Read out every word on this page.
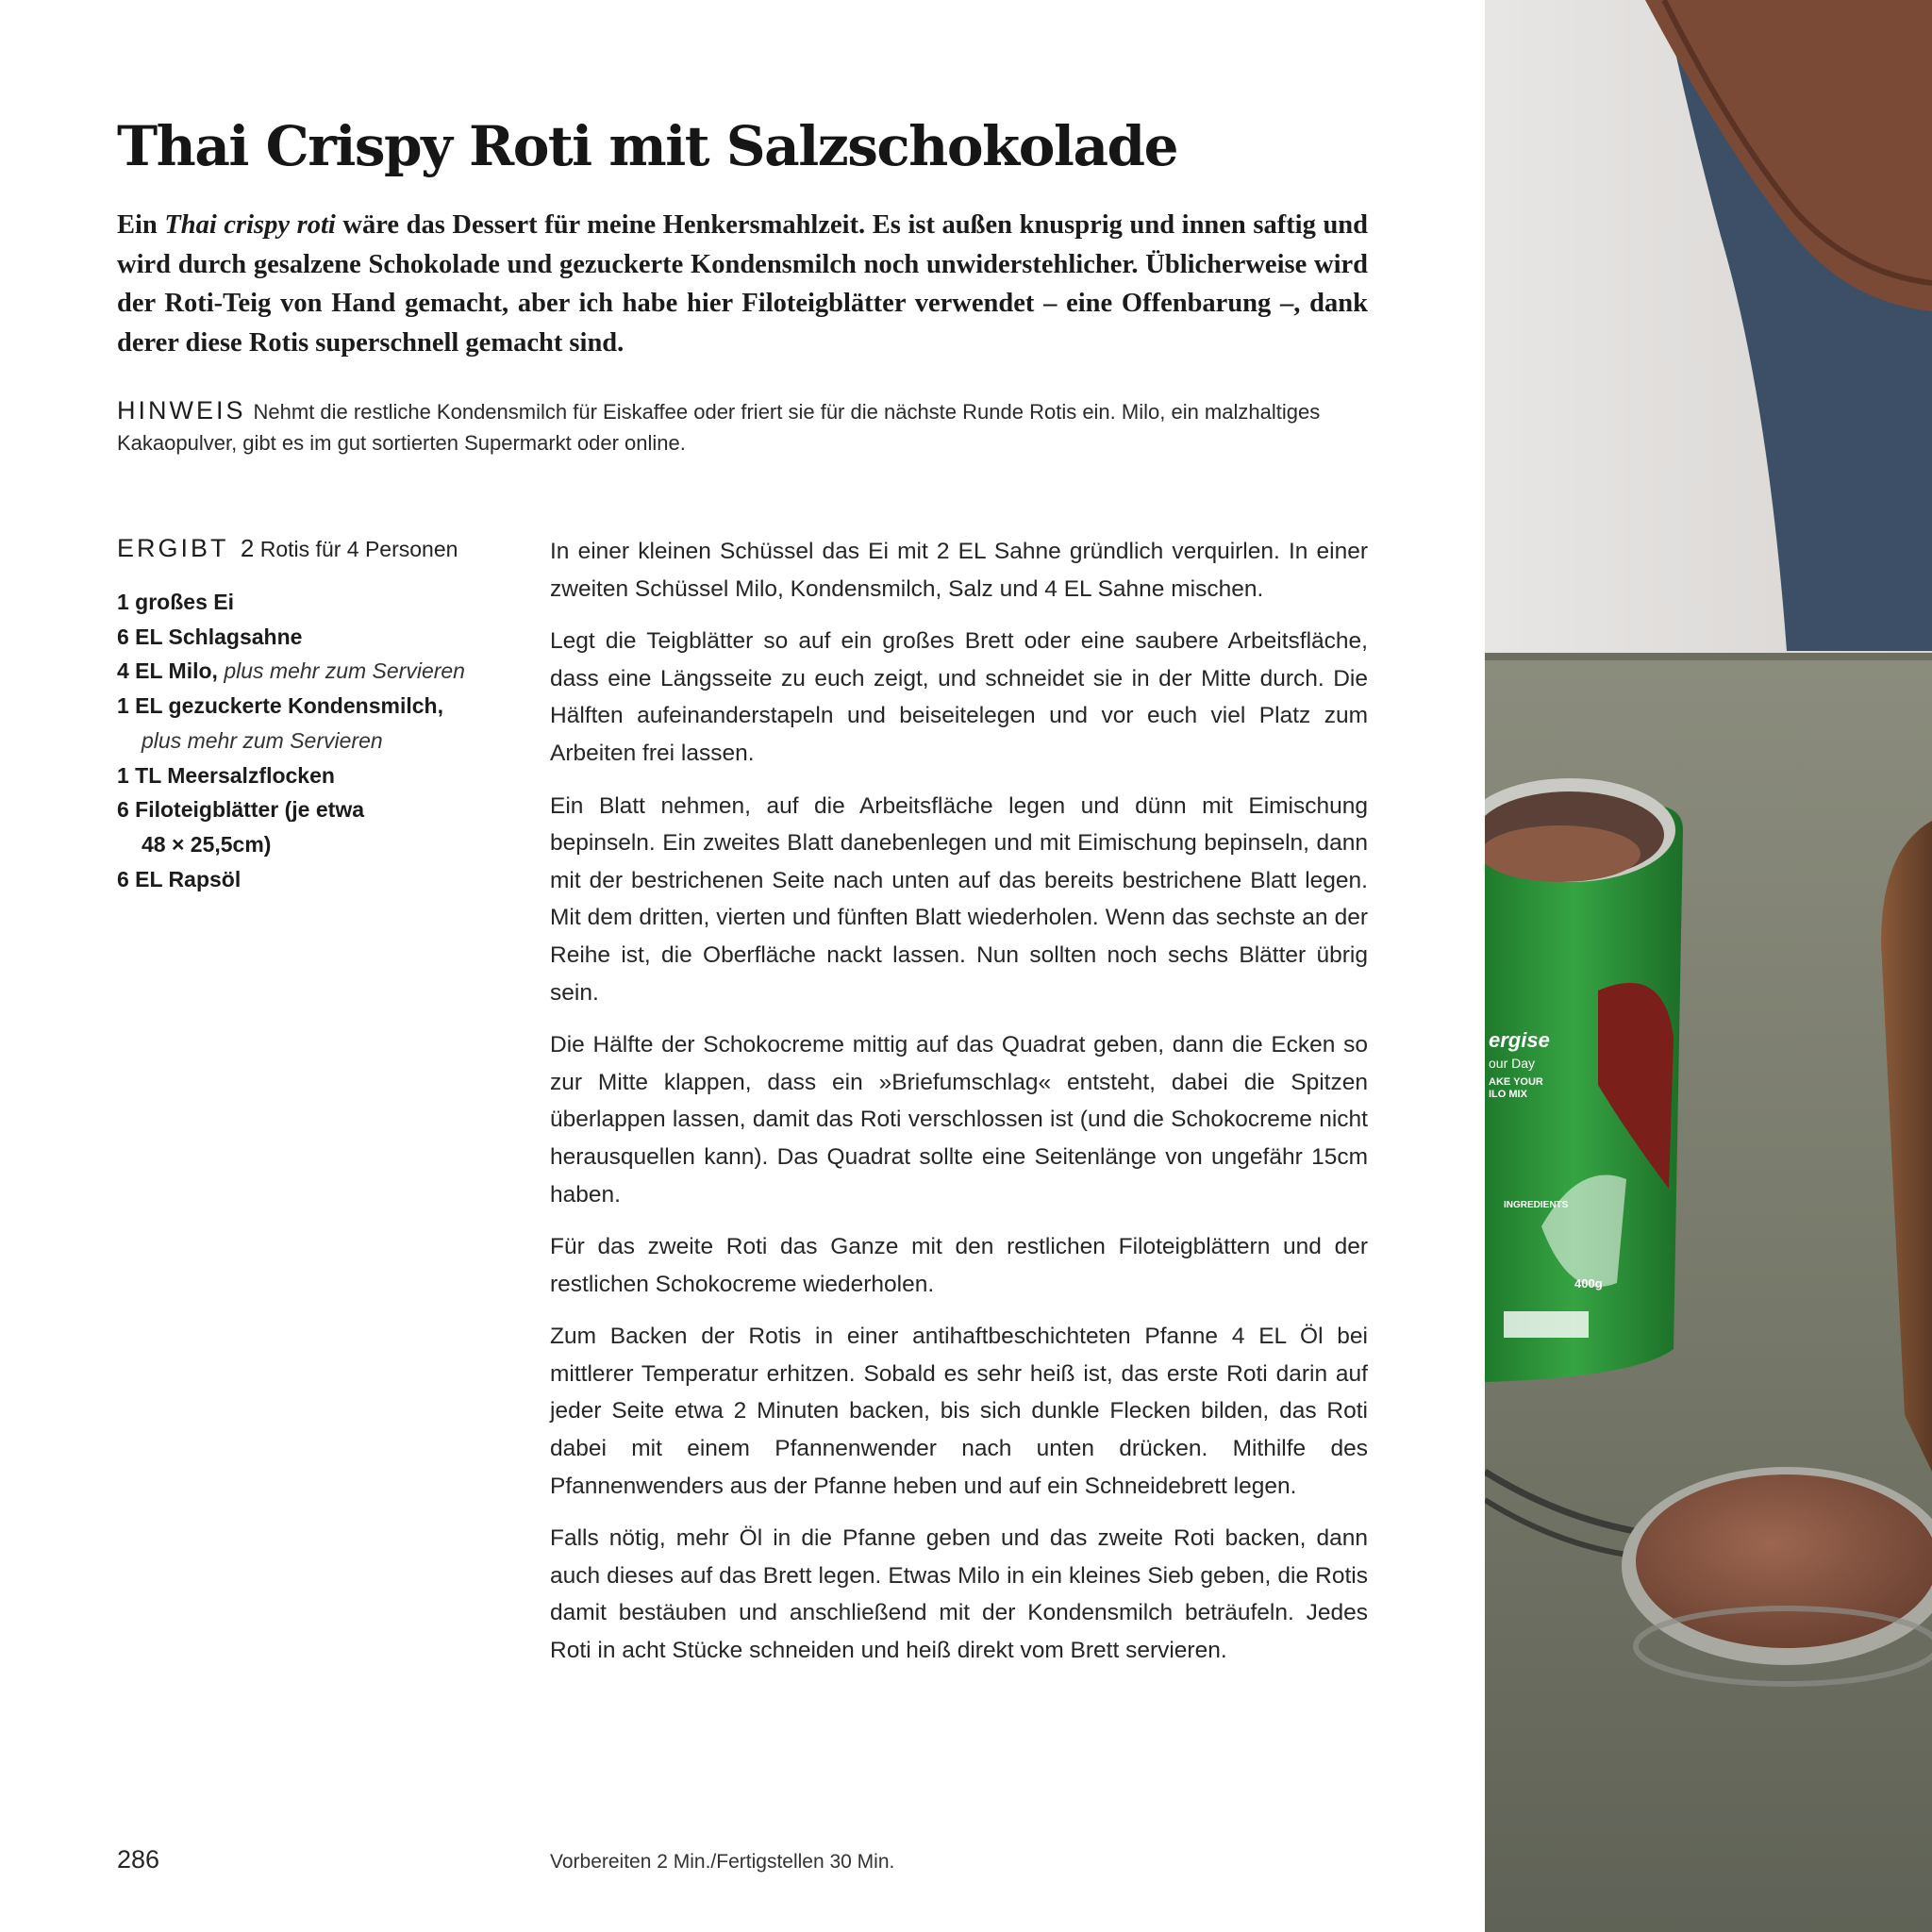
Thai Crispy Roti mit Salzschokolade

Ein Thai crispy roti wäre das Dessert für meine Henkersmahlzeit. Es ist außen knusprig und innen saftig und wird durch gesalzene Schokolade und gezuckerte Kondensmilch noch unwiderstehlicher. Üblicherweise wird der Roti-Teig von Hand gemacht, aber ich habe hier Filoteigblätter verwendet – eine Offenbarung –, dank derer diese Rotis superschnell gemacht sind.

HINWEIS Nehmt die restliche Kondensmilch für Eiskaffee oder friert sie für die nächste Runde Rotis ein. Milo, ein malzhaltiges Kakaopulver, gibt es im gut sortierten Supermarkt oder online.

ERGIBT 2 Rotis für 4 Personen
1 großes Ei
6 EL Schlagsahne
4 EL Milo, plus mehr zum Servieren
1 EL gezuckerte Kondensmilch,
plus mehr zum Servieren
1 TL Meersalzflocken
6 Filoteigblätter (je etwa
48 × 25,5cm)
6 EL Rapsöl

In einer kleinen Schüssel das Ei mit 2 EL Sahne gründlich verquirlen. In einer zweiten Schüssel Milo, Kondensmilch, Salz und 4 EL Sahne mischen.

Legt die Teigblätter so auf ein großes Brett oder eine saubere Arbeitsfläche, dass eine Längsseite zu euch zeigt, und schneidet sie in der Mitte durch. Die Hälften aufeinanderstapeln und beiseitelegen und vor euch viel Platz zum Arbeiten frei lassen.

Ein Blatt nehmen, auf die Arbeitsfläche legen und dünn mit Eimischung bepinseln. Ein zweites Blatt danebenlegen und mit Eimischung bepinseln, dann mit der bestrichenen Seite nach unten auf das bereits bestrichene Blatt legen. Mit dem dritten, vierten und fünften Blatt wiederholen. Wenn das sechste an der Reihe ist, die Oberfläche nackt lassen. Nun sollten noch sechs Blätter übrig sein.

Die Hälfte der Schokocreme mittig auf das Quadrat geben, dann die Ecken so zur Mitte klappen, dass ein »Briefumschlag« entsteht, dabei die Spitzen überlappen lassen, damit das Roti verschlossen ist (und die Schokocreme nicht herausquellen kann). Das Quadrat sollte eine Seitenlänge von ungefähr 15cm haben.

Für das zweite Roti das Ganze mit den restlichen Filoteigblättern und der restlichen Schokocreme wiederholen.

Zum Backen der Rotis in einer antihaftbeschichteten Pfanne 4 EL Öl bei mittlerer Temperatur erhitzen. Sobald es sehr heiß ist, das erste Roti darin auf jeder Seite etwa 2 Minuten backen, bis sich dunkle Flecken bilden, das Roti dabei mit einem Pfannenwender nach unten drücken. Mithilfe des Pfannenwenders aus der Pfanne heben und auf ein Schneidebrett legen.

Falls nötig, mehr Öl in die Pfanne geben und das zweite Roti backen, dann auch dieses auf das Brett legen. Etwas Milo in ein kleines Sieb geben, die Rotis damit bestäuben und anschließend mit der Kondensmilch beträufeln. Jedes Roti in acht Stücke schneiden und heiß direkt vom Brett servieren.

286	Vorbereiten 2 Min./Fertigstellen 30 Min.
ergise
our Day
AKE YOUR
ILO MIX
INGREDIENTS
400g
